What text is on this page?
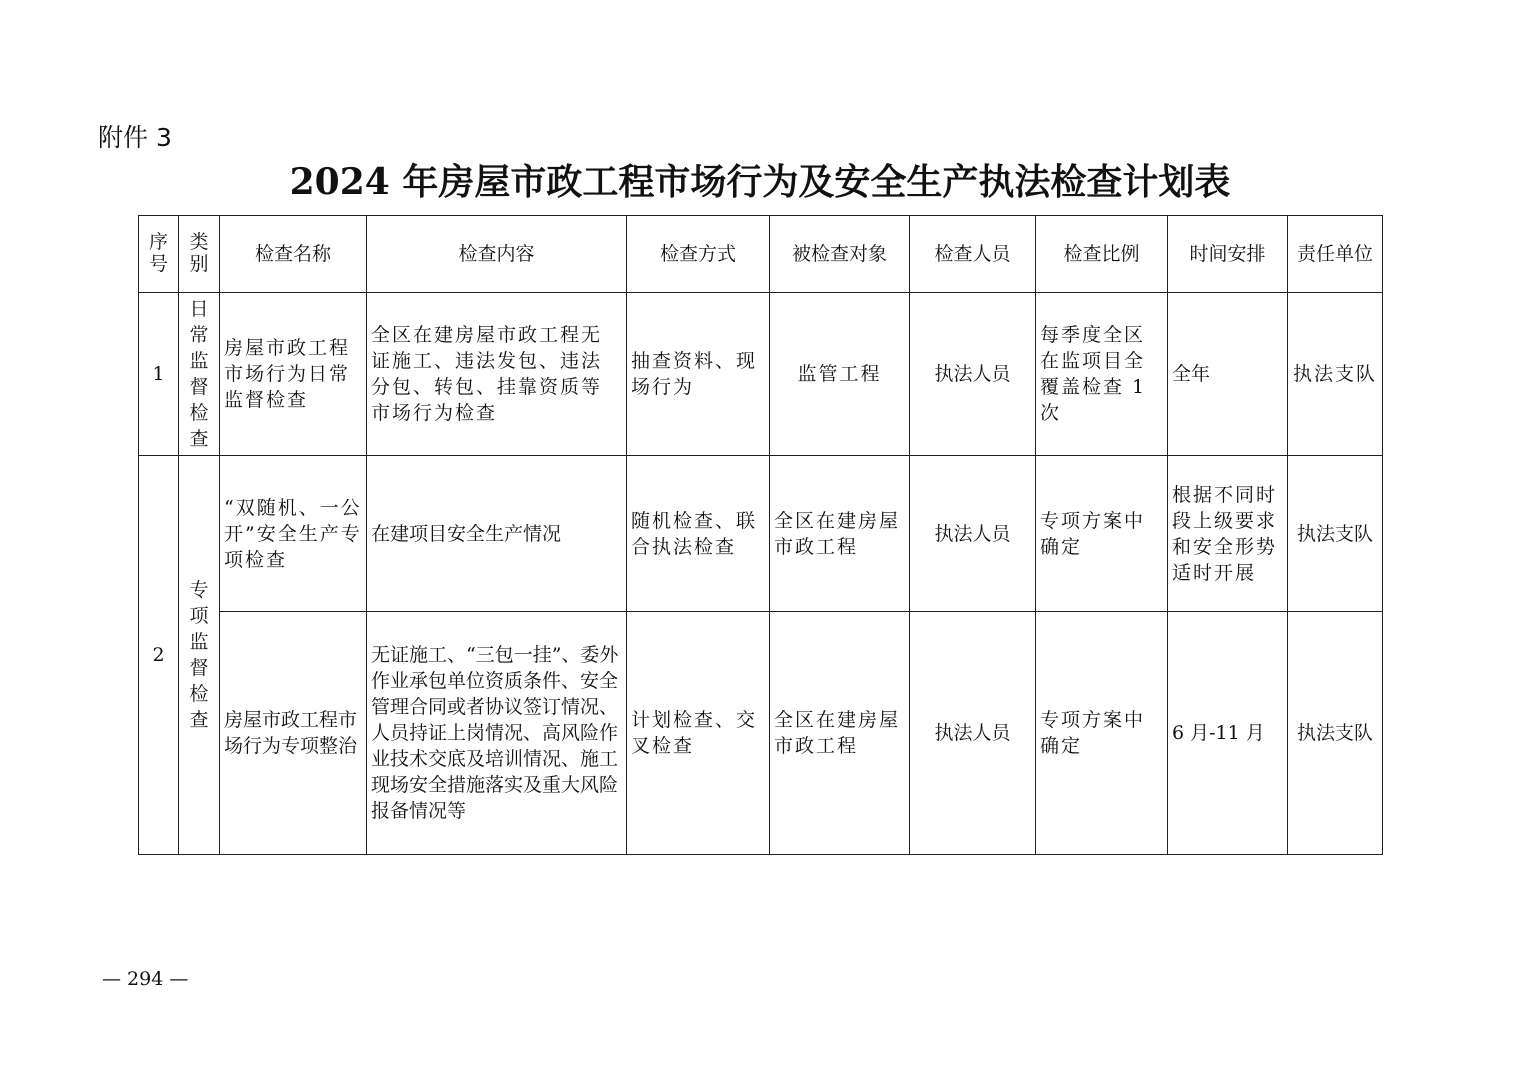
附件 3
2024 年房屋市政工程市场行为及安全生产执法检查计划表
序号	类别	检查名称	检查内容	检查方式	被检查对象	检查人员	检查比例	时间安排	责任单位
1	日常监督检查	房屋市政工程市场行为日常监督检查	全区在建房屋市政工程无证施工、违法发包、违法分包、转包、挂靠资质等市场行为检查	抽查资料、现场行为	监管工程	执法人员	每季度全区在监项目全覆盖检查 1 次	全年	执法支队
2	专项监督检查	“双随机、一公开”安全生产专项检查	在建项目安全生产情况	随机检查、联合执法检查	全区在建房屋市政工程	执法人员	专项方案中确定	根据不同时段上级要求和安全形势适时开展	执法支队
		房屋市政工程市场行为专项整治	无证施工、“三包一挂”、委外作业承包单位资质条件、安全管理合同或者协议签订情况、人员持证上岗情况、高风险作业技术交底及培训情况、施工现场安全措施落实及重大风险报备情况等	计划检查、交叉检查	全区在建房屋市政工程	执法人员	专项方案中确定	6 月-11 月	执法支队
— 294 —
